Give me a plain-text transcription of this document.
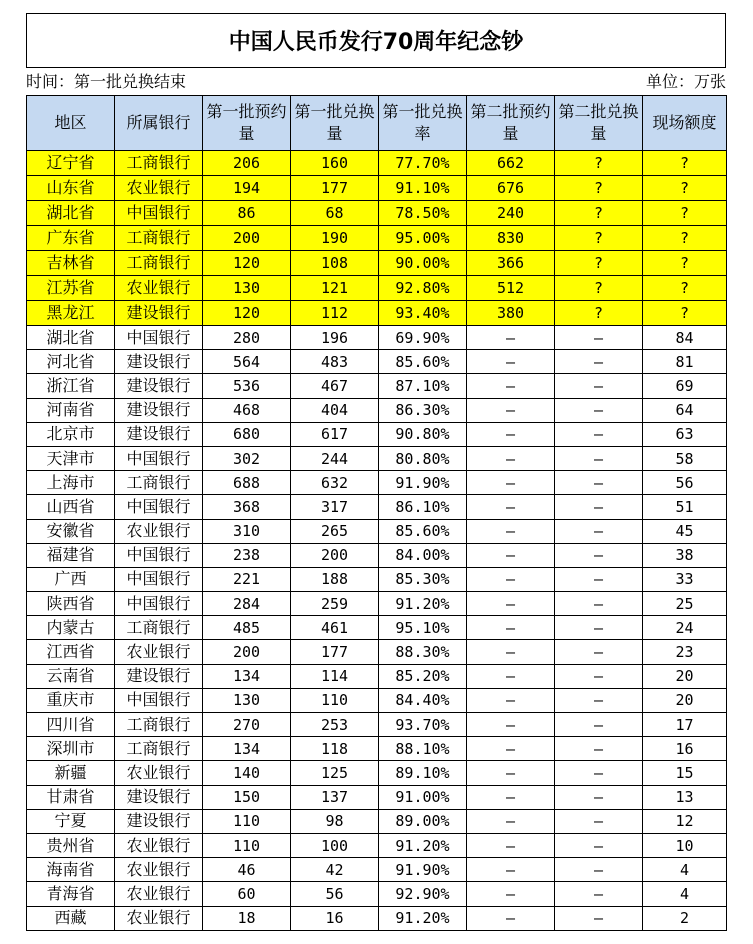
中国人民币发行70周年纪念钞
时间：第一批兑换结束	单位：万张
地区	所属银行	第一批预约量	第一批兑换量	第一批兑换率	第二批预约量	第二批兑换量	现场额度
辽宁省	工商银行	206	160	77.70%	662	?	?
山东省	农业银行	194	177	91.10%	676	?	?
湖北省	中国银行	86	68	78.50%	240	?	?
广东省	工商银行	200	190	95.00%	830	?	?
吉林省	工商银行	120	108	90.00%	366	?	?
江苏省	农业银行	130	121	92.80%	512	?	?
黑龙江	建设银行	120	112	93.40%	380	?	?
湖北省	中国银行	280	196	69.90%	—	—	84
河北省	建设银行	564	483	85.60%	—	—	81
浙江省	建设银行	536	467	87.10%	—	—	69
河南省	建设银行	468	404	86.30%	—	—	64
北京市	建设银行	680	617	90.80%	—	—	63
天津市	中国银行	302	244	80.80%	—	—	58
上海市	工商银行	688	632	91.90%	—	—	56
山西省	中国银行	368	317	86.10%	—	—	51
安徽省	农业银行	310	265	85.60%	—	—	45
福建省	中国银行	238	200	84.00%	—	—	38
广西	中国银行	221	188	85.30%	—	—	33
陕西省	中国银行	284	259	91.20%	—	—	25
内蒙古	工商银行	485	461	95.10%	—	—	24
江西省	农业银行	200	177	88.30%	—	—	23
云南省	建设银行	134	114	85.20%	—	—	20
重庆市	中国银行	130	110	84.40%	—	—	20
四川省	工商银行	270	253	93.70%	—	—	17
深圳市	工商银行	134	118	88.10%	—	—	16
新疆	农业银行	140	125	89.10%	—	—	15
甘肃省	建设银行	150	137	91.00%	—	—	13
宁夏	建设银行	110	98	89.00%	—	—	12
贵州省	农业银行	110	100	91.20%	—	—	10
海南省	农业银行	46	42	91.90%	—	—	4
青海省	农业银行	60	56	92.90%	—	—	4
西藏	农业银行	18	16	91.20%	—	—	2
